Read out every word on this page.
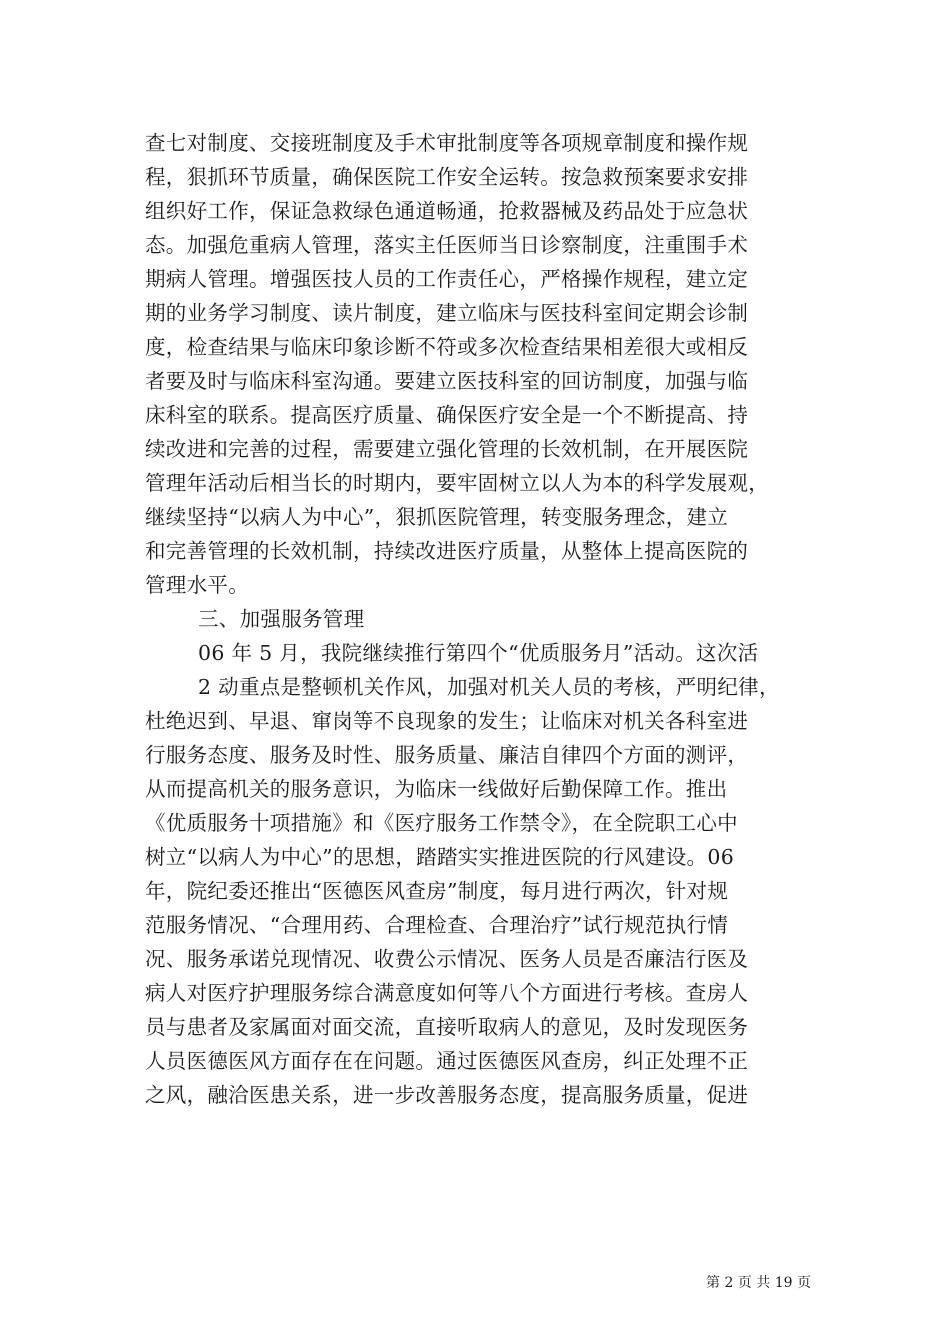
查七对制度、交接班制度及手术审批制度等各项规章制度和操作规
程，狠抓环节质量，确保医院工作安全运转。按急救预案要求安排
组织好工作，保证急救绿色通道畅通，抢救器械及药品处于应急状
态。加强危重病人管理，落实主任医师当日诊察制度，注重围手术
期病人管理。增强医技人员的工作责任心，严格操作规程，建立定
期的业务学习制度、读片制度，建立临床与医技科室间定期会诊制
度，检查结果与临床印象诊断不符或多次检查结果相差很大或相反
者要及时与临床科室沟通。要建立医技科室的回访制度，加强与临
床科室的联系。提高医疗质量、确保医疗安全是一个不断提高、持
续改进和完善的过程，需要建立强化管理的长效机制，在开展医院
管理年活动后相当长的时期内，要牢固树立以人为本的科学发展观，
继续坚持“以病人为中心”，狠抓医院管理，转变服务理念，建立
和完善管理的长效机制，持续改进医疗质量，从整体上提高医院的
管理水平。
三、加强服务管理
06 年 5 月，我院继续推行第四个“优质服务月”活动。这次活
2 动重点是整顿机关作风，加强对机关人员的考核，严明纪律，
杜绝迟到、早退、窜岗等不良现象的发生；让临床对机关各科室进
行服务态度、服务及时性、服务质量、廉洁自律四个方面的测评，
从而提高机关的服务意识，为临床一线做好后勤保障工作。推出
《优质服务十项措施》和《医疗服务工作禁令》，在全院职工心中
树立“以病人为中心”的思想，踏踏实实推进医院的行风建设。06
年，院纪委还推出“医德医风查房”制度，每月进行两次，针对规
范服务情况、“合理用药、合理检查、合理治疗”试行规范执行情
况、服务承诺兑现情况、收费公示情况、医务人员是否廉洁行医及
病人对医疗护理服务综合满意度如何等八个方面进行考核。查房人
员与患者及家属面对面交流，直接听取病人的意见，及时发现医务
人员医德医风方面存在在问题。通过医德医风查房，纠正处理不正
之风，融洽医患关系，进一步改善服务态度，提高服务质量，促进
第 2 页 共 19 页
